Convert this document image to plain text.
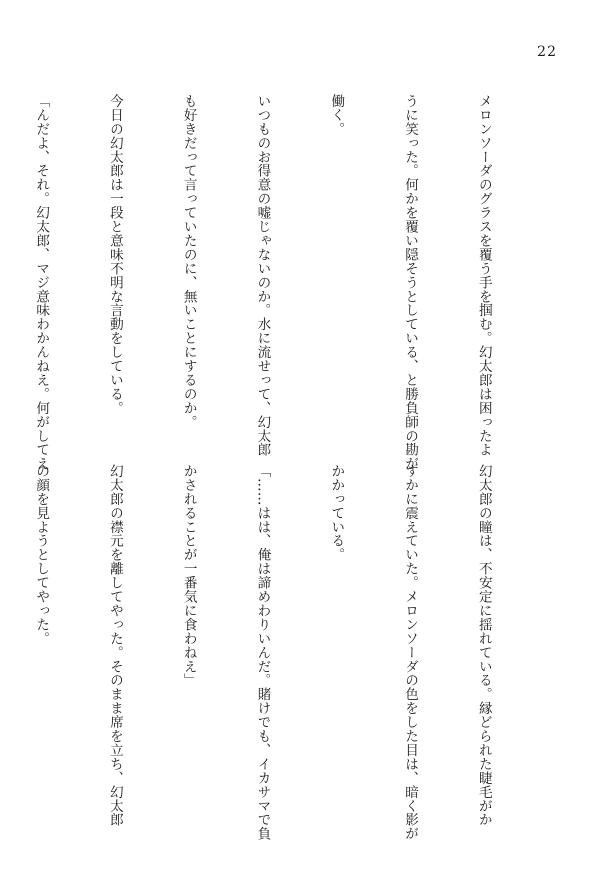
22

メロンソーダのグラスを覆う手を掴む。幻太郎は困ったよ

うに笑った。何かを覆い隠そうとしている、と勝負師の勘が

働く。

いつものお得意の嘘じゃないのか。水に流せって、幻太郎

も好きだって言っていたのに、無いことにするのか。

今日の幻太郎は一段と意味不明な言動をしている。

「んだよ、それ。幻太郎、マジ意味わかんねえ。何がしてえ

幻太郎の瞳は、不安定に揺れている。縁どられた睫毛がか

すかに震えていた。メロンソーダの色をした目は、暗く影が

かかっている。

「……はは、俺は諦めわりいんだ。賭けでも、イカサマで負

かされることが一番気に食わねえ」

幻太郎の襟元を離してやった。そのまま席を立ち、幻太郎

の顔を見ようとしてやった。
